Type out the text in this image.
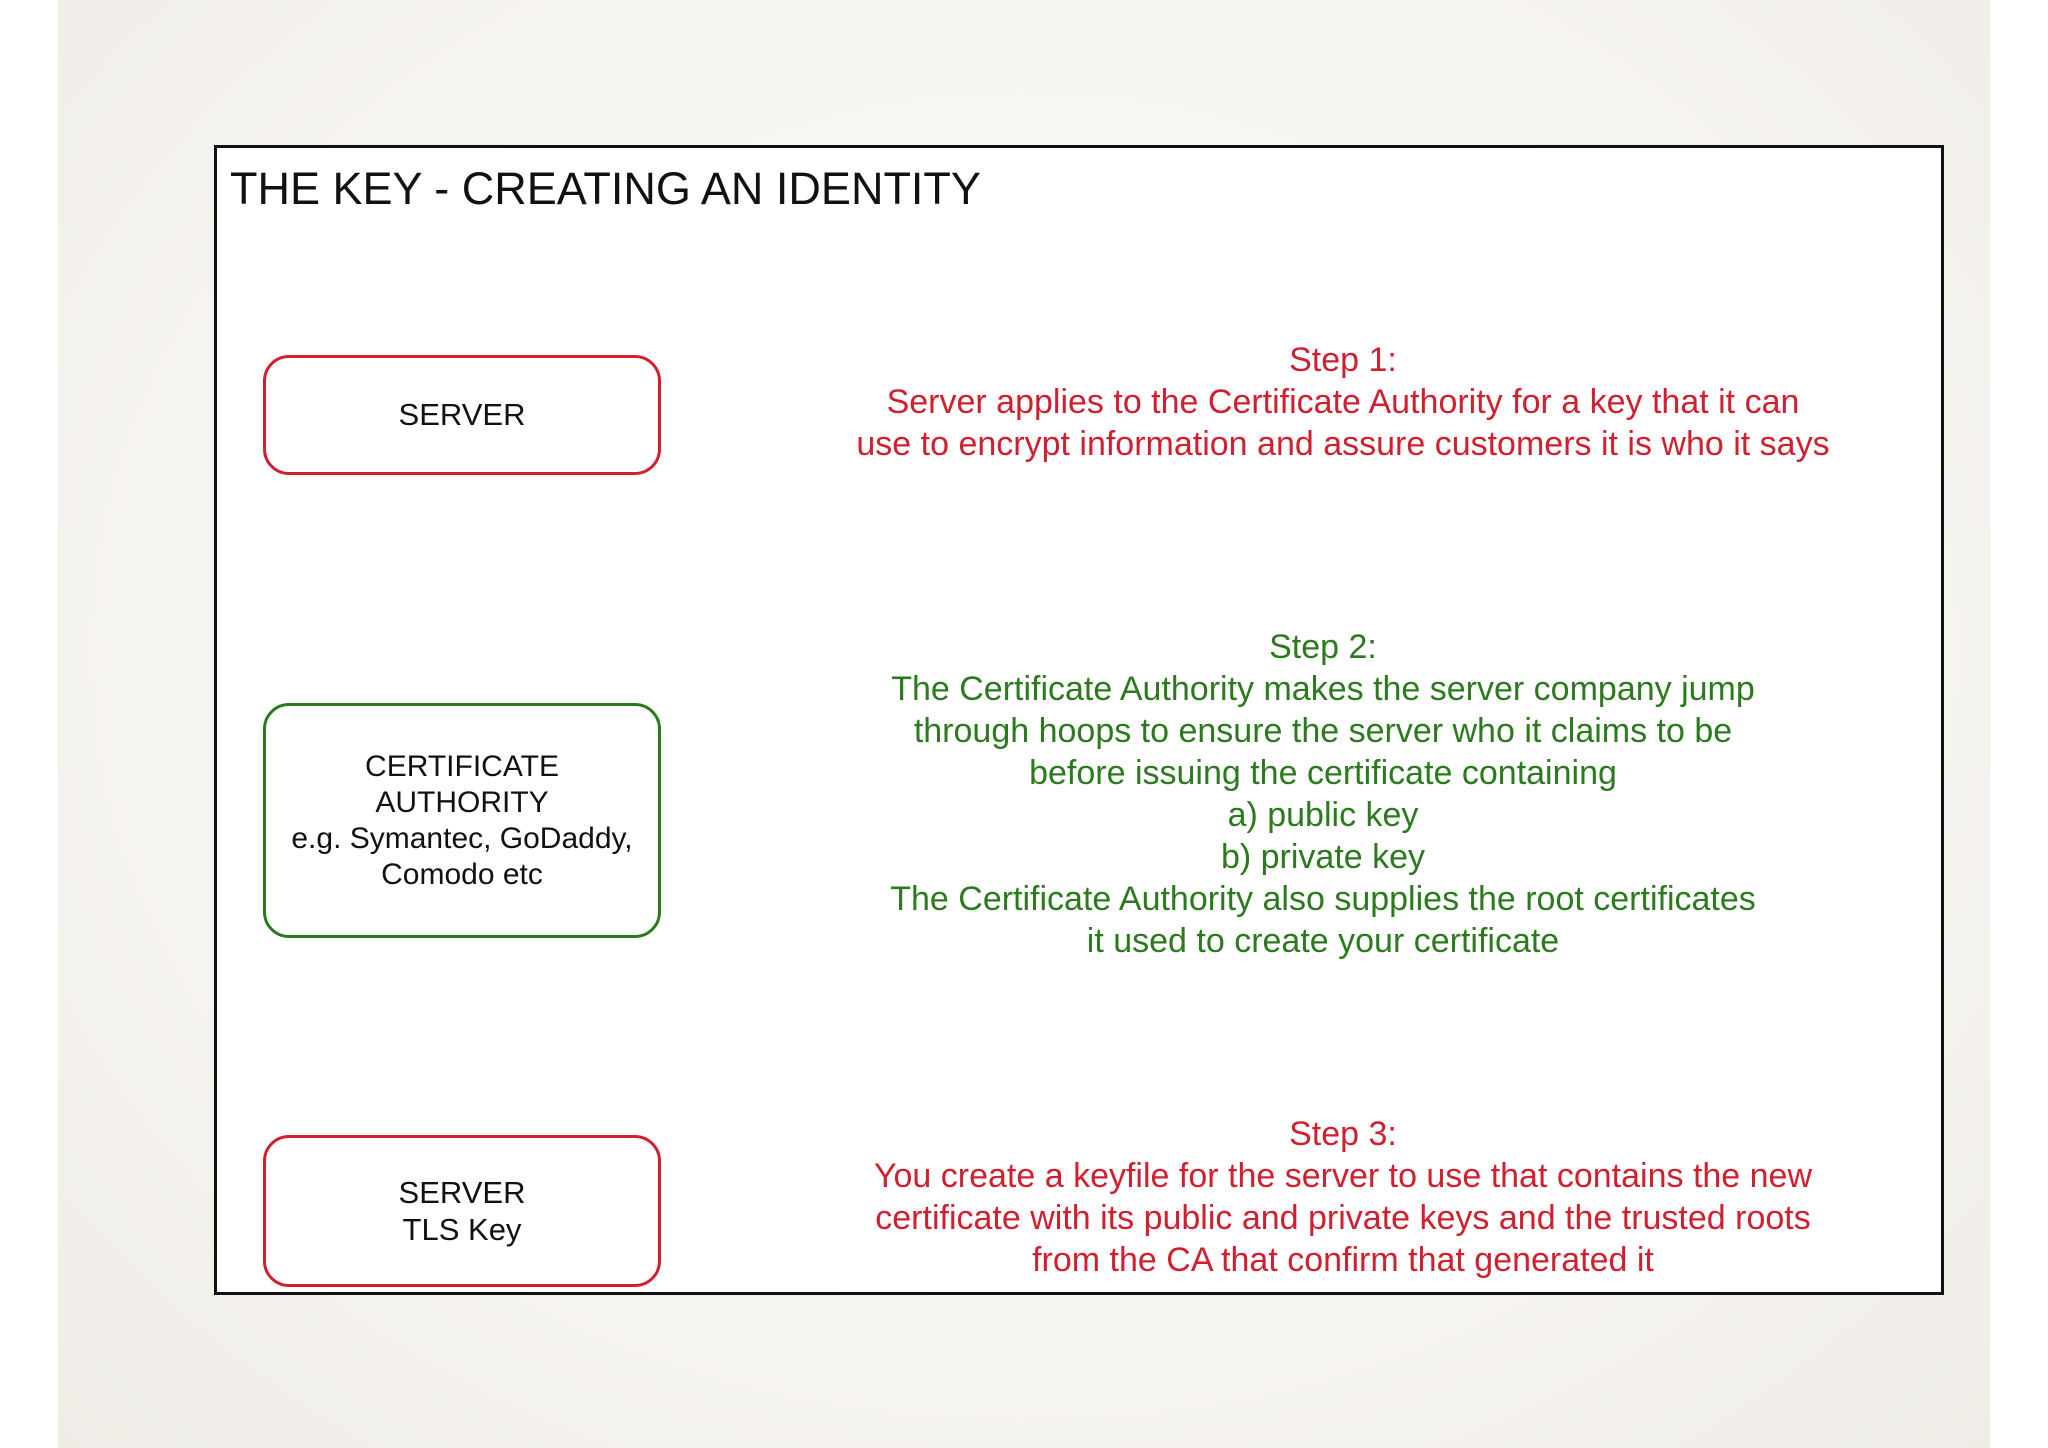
THE KEY - CREATING AN IDENTITY
SERVER
CERTIFICATE
AUTHORITY
e.g. Symantec, GoDaddy,
Comodo etc
SERVER
TLS Key

Step 1:

Server applies to the Certificate Authority for a key that it can

use to encrypt information and assure customers it is who it says

Step 2:

The Certificate Authority makes the server company jump

through hoops to ensure the server who it claims to be

before issuing the certificate containing

a) public key

b) private key

The Certificate Authority also supplies the root certificates

it used to create your certificate

Step 3:

You create a keyfile for the server to use that contains the new

certificate with its public and private keys and the trusted roots

from the CA that confirm that generated it
